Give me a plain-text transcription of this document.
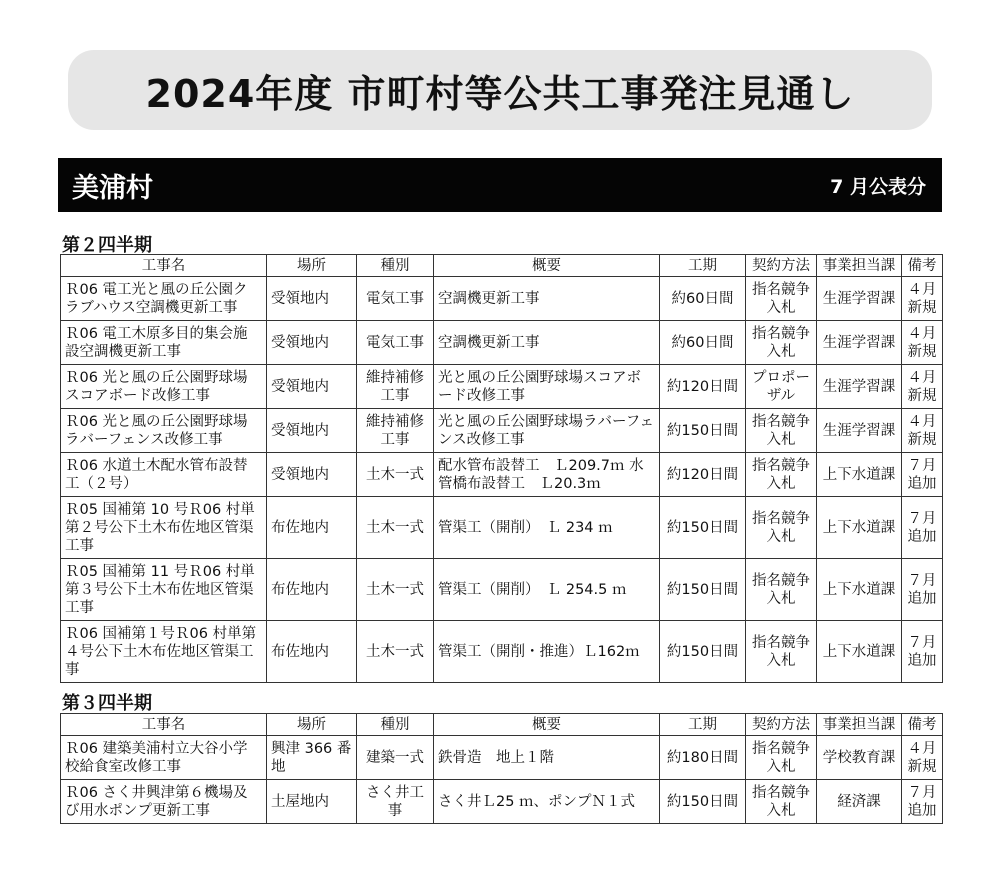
2024年度 市町村等公共工事発注見通し
美浦村	7 月公表分
第２四半期
工事名	場所	種別	概要	工期	契約方法	事業担当課	備考
Ｒ06 電工光と風の丘公園クラブハウス空調機更新工事	受領地内	電気工事	空調機更新工事	約60日間	指名競争入札	生涯学習課	４月新規
Ｒ06 電工木原多目的集会施設空調機更新工事	受領地内	電気工事	空調機更新工事	約60日間	指名競争入札	生涯学習課	４月新規
Ｒ06 光と風の丘公園野球場スコアボード改修工事	受領地内	維持補修工事	光と風の丘公園野球場スコアボード改修工事	約120日間	プロポーザル	生涯学習課	４月新規
Ｒ06 光と風の丘公園野球場ラバーフェンス改修工事	受領地内	維持補修工事	光と風の丘公園野球場ラバーフェンス改修工事	約150日間	指名競争入札	生涯学習課	４月新規
Ｒ06 水道土木配水管布設替工（２号）	受領地内	土木一式	配水管布設替工　Ｌ209.7ｍ 水管橋布設替工　Ｌ20.3ｍ	約120日間	指名競争入札	上下水道課	７月追加
Ｒ05 国補第 10 号Ｒ06 村単第２号公下土木布佐地区管渠工事	布佐地内	土木一式	管渠工（開削）　Ｌ 234 ｍ	約150日間	指名競争入札	上下水道課	７月追加
Ｒ05 国補第 11 号Ｒ06 村単第３号公下土木布佐地区管渠工事	布佐地内	土木一式	管渠工（開削）　Ｌ 254.5 ｍ	約150日間	指名競争入札	上下水道課	７月追加
Ｒ06 国補第１号Ｒ06 村単第４号公下土木布佐地区管渠工事	布佐地内	土木一式	管渠工（開削・推進）Ｌ162ｍ	約150日間	指名競争入札	上下水道課	７月追加
第３四半期
工事名	場所	種別	概要	工期	契約方法	事業担当課	備考
Ｒ06 建築美浦村立大谷小学校給食室改修工事	興津 366 番地	建築一式	鉄骨造　地上１階	約180日間	指名競争入札	学校教育課	４月新規
Ｒ06 さく井興津第６機場及び用水ポンプ更新工事	土屋地内	さく井工事	さく井Ｌ25 ｍ、ポンプＮ１式	約150日間	指名競争入札	経済課	７月追加
